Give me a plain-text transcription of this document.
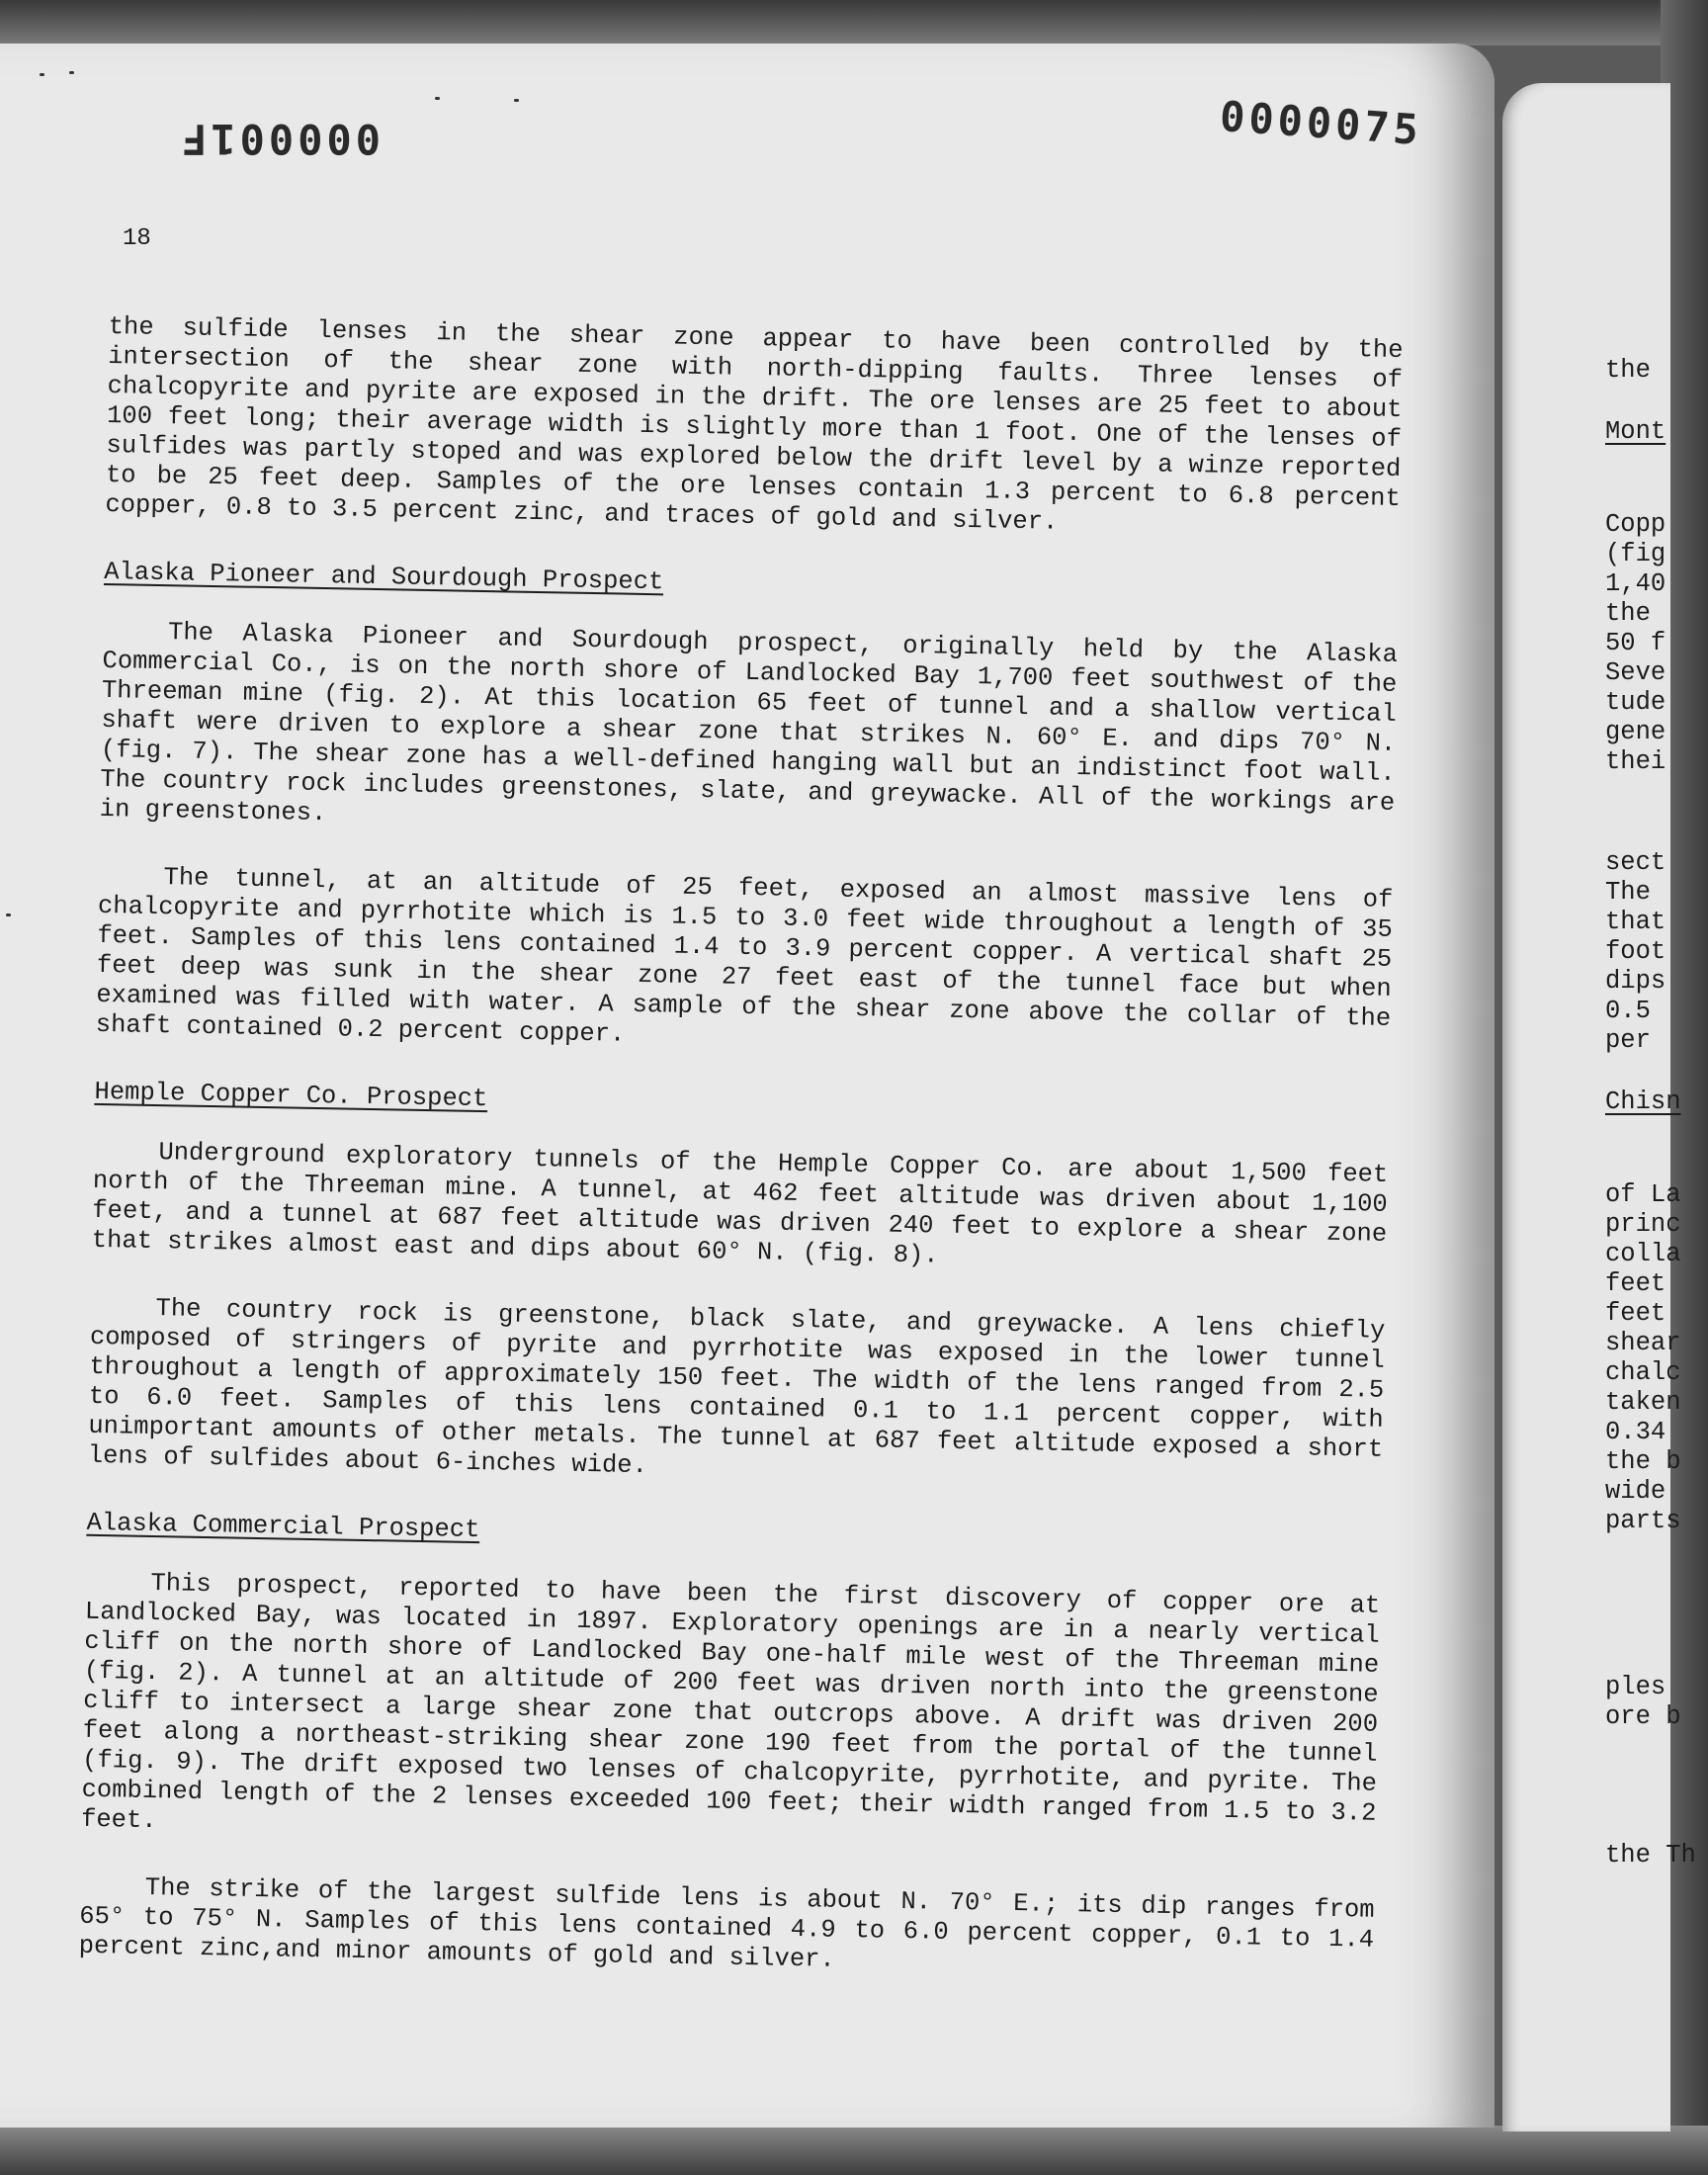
000001F	0000075
18

the sulfide lenses in the shear zone appear to have been controlled by the intersection of the shear zone with north-dipping faults. Three lenses of chalcopyrite and pyrite are exposed in the drift. The ore lenses are 25 feet to about 100 feet long; their average width is slightly more than 1 foot. One of the lenses of sulfides was partly stoped and was explored below the drift level by a winze reported to be 25 feet deep. Samples of the ore lenses contain 1.3 percent to 6.8 percent copper, 0.8 to 3.5 percent zinc, and traces of gold and silver.

Alaska Pioneer and Sourdough Prospect

The Alaska Pioneer and Sourdough prospect, originally held by the Alaska Commercial Co., is on the north shore of Landlocked Bay 1,700 feet southwest of the Threeman mine (fig. 2). At this location 65 feet of tunnel and a shallow vertical shaft were driven to explore a shear zone that strikes N. 60° E. and dips 70° N. (fig. 7). The shear zone has a well-defined hanging wall but an indistinct foot wall. The country rock includes greenstones, slate, and greywacke. All of the workings are in greenstones.

The tunnel, at an altitude of 25 feet, exposed an almost massive lens of chalcopyrite and pyrrhotite which is 1.5 to 3.0 feet wide throughout a length of 35 feet. Samples of this lens contained 1.4 to 3.9 percent copper. A vertical shaft 25 feet deep was sunk in the shear zone 27 feet east of the tunnel face but when examined was filled with water. A sample of the shear zone above the collar of the shaft contained 0.2 percent copper.

Hemple Copper Co. Prospect

Underground exploratory tunnels of the Hemple Copper Co. are about 1,500 feet north of the Threeman mine. A tunnel, at 462 feet altitude was driven about 1,100 feet, and a tunnel at 687 feet altitude was driven 240 feet to explore a shear zone that strikes almost east and dips about 60° N. (fig. 8).

The country rock is greenstone, black slate, and greywacke. A lens chiefly composed of stringers of pyrite and pyrrhotite was exposed in the lower tunnel throughout a length of approximately 150 feet. The width of the lens ranged from 2.5 to 6.0 feet. Samples of this lens contained 0.1 to 1.1 percent copper, with unimportant amounts of other metals. The tunnel at 687 feet altitude exposed a short lens of sulfides about 6-inches wide.

Alaska Commercial Prospect

This prospect, reported to have been the first discovery of copper ore at Landlocked Bay, was located in 1897. Exploratory openings are in a nearly vertical cliff on the north shore of Landlocked Bay one-half mile west of the Threeman mine (fig. 2). A tunnel at an altitude of 200 feet was driven north into the greenstone cliff to intersect a large shear zone that outcrops above. A drift was driven 200 feet along a northeast-striking shear zone 190 feet from the portal of the tunnel (fig. 9). The drift exposed two lenses of chalcopyrite, pyrrhotite, and pyrite. The combined length of the 2 lenses exceeded 100 feet; their width ranged from 1.5 to 3.2 feet.

The strike of the largest sulfide lens is about N. 70° E.; its dip ranges from 65° to 75° N. Samples of this lens contained 4.9 to 6.0 percent copper, 0.1 to 1.4 percent zinc,and minor amounts of gold and silver.

the
Mont
Copp
(fig
1,40
the
50 f
Seve
tude
gene
thei
sect
The
that
foot
dips
0.5
per
Chisn
of La
princ
colla
feet
feet
shear
chalc
taken
0.34
the b
wide
parts
ples
ore b
the Th
